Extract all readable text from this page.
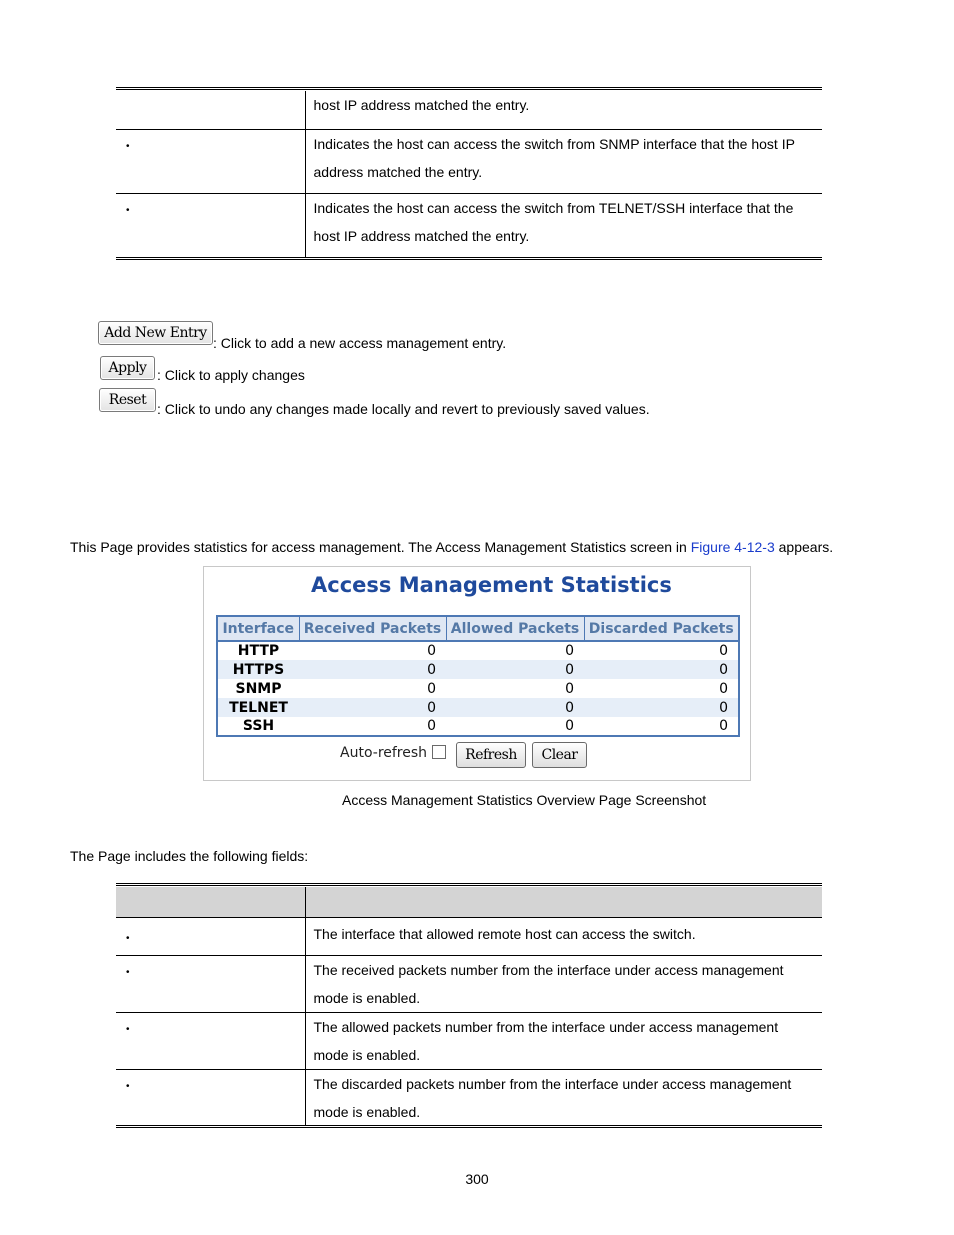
	host IP address matched the entry.
•	Indicates the host can access the switch from SNMP interface that the host IP address matched the entry.
•	Indicates the host can access the switch from TELNET/SSH interface that the host IP address matched the entry.
Add New Entry
: Click to add a new access management entry.
Apply : Click to apply changes
Reset
: Click to undo any changes made locally and revert to previously saved values.
This Page provides statistics for access management. The Access Management Statistics screen in Figure 4-12-3 appears.
Access Management Statistics
Interface	Received Packets	Allowed Packets	Discarded Packets
HTTP	0	0	0
HTTPS	0	0	0
SNMP	0	0	0
TELNET	0	0	0
SSH	0	0	0
Auto-refresh	Refresh	Clear
Access Management Statistics Overview Page Screenshot
The Page includes the following fields:

•	The interface that allowed remote host can access the switch.
•	The received packets number from the interface under access management mode is enabled.
•	The allowed packets number from the interface under access management mode is enabled.
•	The discarded packets number from the interface under access management mode is enabled.
300
